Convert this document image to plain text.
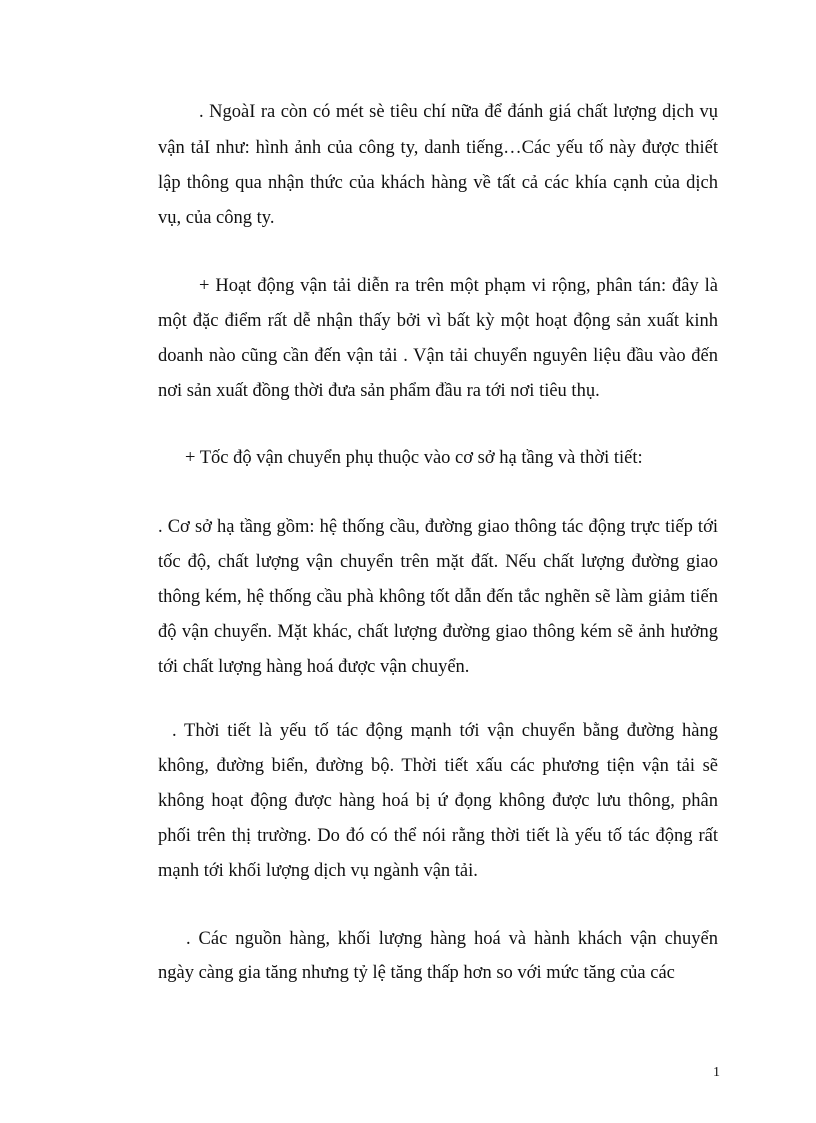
. NgoàI ra còn có mét sè tiêu chí nữa để đánh giá chất lượng dịch vụ
vận tảI như: hình ảnh của công ty, danh tiếng…Các yếu tố này được thiết
lập thông qua nhận thức của khách hàng về tất cả các khía cạnh của dịch
vụ, của công ty.
+ Hoạt động vận tải diễn ra trên một phạm vi rộng, phân tán: đây là
một đặc điểm rất dễ nhận thấy bởi vì bất kỳ một hoạt động sản xuất kinh
doanh nào cũng cần đến vận tải . Vận tải chuyển nguyên liệu đầu vào đến
nơi sản xuất đồng thời đưa sản phẩm đầu ra tới nơi tiêu thụ.
+ Tốc độ vận chuyển phụ thuộc vào cơ sở hạ tầng và thời tiết:
. Cơ sở hạ tầng gồm: hệ thống cầu, đường giao thông tác động trực tiếp tới
tốc độ, chất lượng vận chuyển trên mặt đất. Nếu chất lượng đường giao
thông kém, hệ thống cầu phà không tốt dẫn đến tắc nghẽn sẽ làm giảm tiến
độ vận chuyển. Mặt khác, chất lượng đường giao thông kém sẽ ảnh hưởng
tới chất lượng hàng hoá được vận chuyển.
. Thời tiết là yếu tố tác động mạnh tới vận chuyển bằng đường hàng
không, đường biển, đường bộ. Thời tiết xấu các phương tiện vận tải sẽ
không hoạt động được hàng hoá bị ứ đọng không được lưu thông, phân
phối trên thị trường. Do đó có thể nói rằng thời tiết là yếu tố tác động rất
mạnh tới khối lượng dịch vụ ngành vận tải.
. Các nguồn hàng, khối lượng hàng hoá và hành khách vận chuyển
ngày càng gia tăng nhưng tỷ lệ tăng thấp hơn so với mức tăng của các
1
